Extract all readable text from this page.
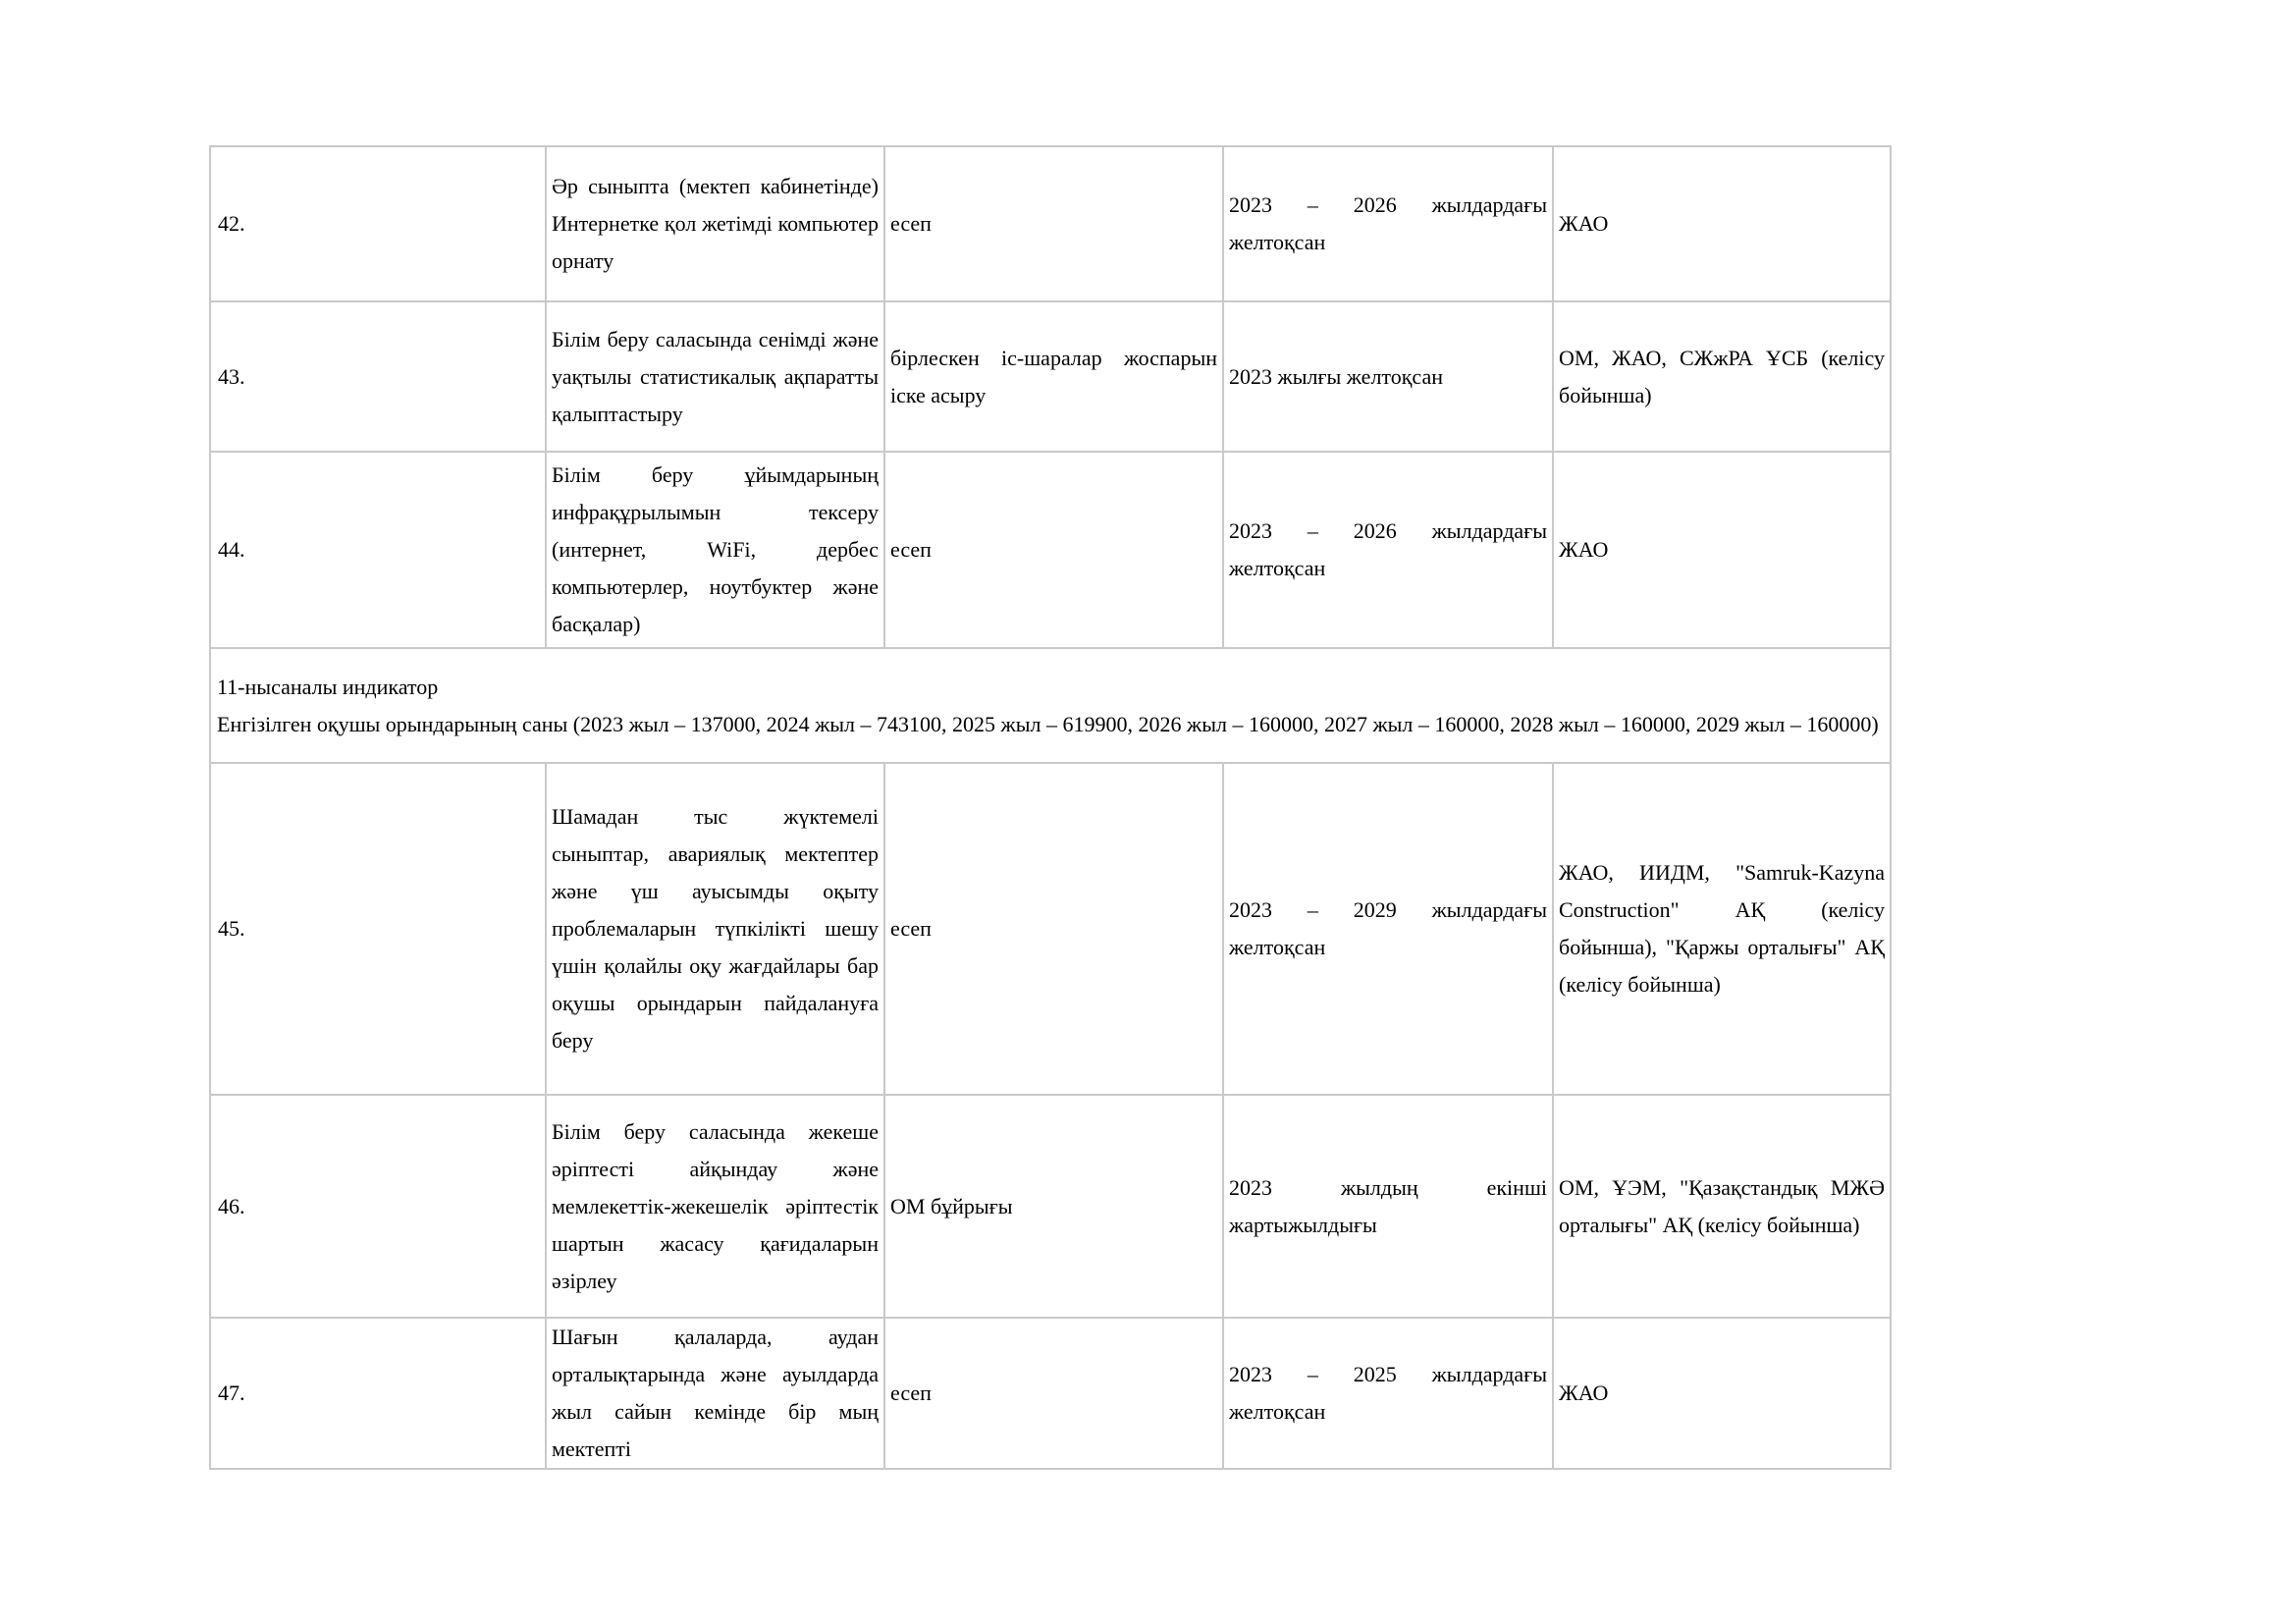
42.	Әр сыныпта (мектеп кабинетінде) Интернетке қол жетімді компьютер орнату	есеп	2023 – 2026 жылдардағы желтоқсан	ЖАО
43.	Білім беру саласында сенімді және уақтылы статистикалық ақпаратты қалыптастыру	бірлескен іс-шаралар жоспарын іске асыру	2023 жылғы желтоқсан	ОМ, ЖАО, СЖжРА ҰСБ (келісу бойынша)
44.	Білім беру ұйымдарының инфрақұрылымын тексеру (интернет, WiFi, дербес компьютерлер, ноутбуктер және басқалар)	есеп	2023 – 2026 жылдардағы желтоқсан	ЖАО

11-нысаналы индикатор
Енгізілген оқушы орындарының саны (2023 жыл – 137000, 2024 жыл – 743100, 2025 жыл – 619900, 2026 жыл – 160000, 2027 жыл – 160000, 2028 жыл – 160000, 2029 жыл – 160000)				

45.	Шамадан тыс жүктемелі сыныптар, авариялық мектептер және үш ауысымды оқыту проблемаларын түпкілікті шешу үшін қолайлы оқу жағдайлары бар оқушы орындарын пайдалануға беру	есеп	2023 – 2029 жылдардағы желтоқсан	ЖАО, ИИДМ, "Samruk-Kazyna Construction" АҚ (келісу бойынша), "Қаржы орталығы" АҚ (келісу бойынша)
46.	Білім беру саласында жекеше әріптесті айқындау және мемлекеттік-жекешелік әріптестік шартын жасасу қағидаларын әзірлеу	ОМ бұйрығы	2023 жылдың екінші жартыжылдығы	ОМ, ҰЭМ, "Қазақстандық МЖӘ орталығы" АҚ (келісу бойынша)
47.	Шағын қалаларда, аудан орталықтарында және ауылдарда жыл сайын кемінде бір мың мектепті	есеп	2023 – 2025 жылдардағы желтоқсан	ЖАО
